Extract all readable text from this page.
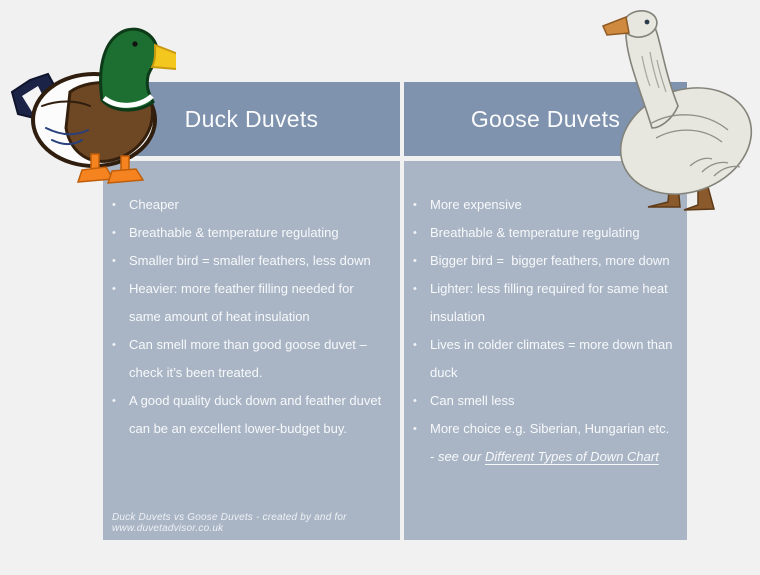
Duck Duvets	Goose Duvets
•	Cheaper
•	Breathable & temperature regulating
•	Smaller bird = smaller feathers, less down
•	Heavier: more feather filling needed for same amount of heat insulation
•	Can smell more than good goose duvet – check it’s been treated.
•	A good quality duck down and feather duvet can be an excellent lower-budget buy.
Duck Duvets vs Goose Duvets - created by and for www.duvetadvisor.co.uk
•	More expensive
•	Breathable & temperature regulating
•	Bigger bird =  bigger feathers, more down
•	Lighter: less filling required for same heat insulation
•	Lives in colder climates = more down than duck
•	Can smell less
•	More choice e.g. Siberian, Hungarian etc.  - see our Different Types of Down Chart
